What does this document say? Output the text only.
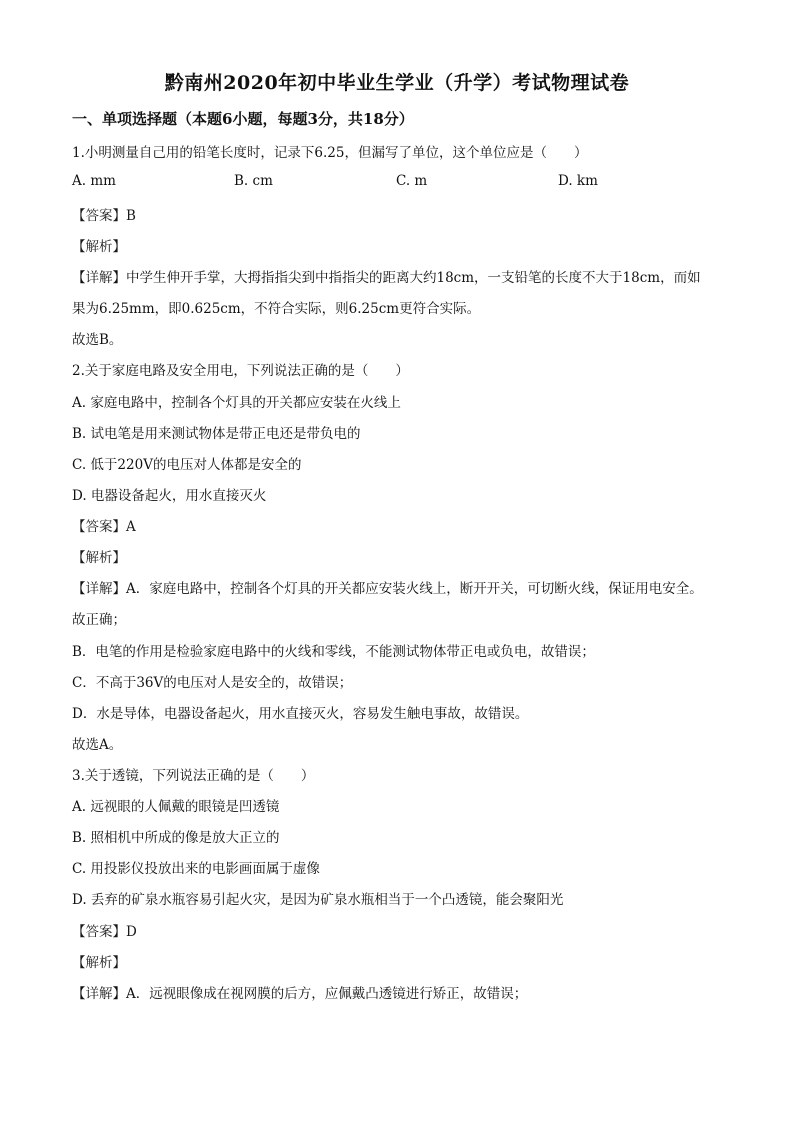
黔南州2020年初中毕业生学业（升学）考试物理试卷
一、单项选择题（本题6小题，每题3分，共18分）
1.小明测量自己用的铅笔长度时，记录下6.25，但漏写了单位，这个单位应是（　　）
A. mm	B. cm	C. m	D. km
【答案】B
【解析】
【详解】中学生伸开手掌，大拇指指尖到中指指尖的距离大约18cm，一支铅笔的长度不大于18cm，而如
果为6.25mm，即0.625cm，不符合实际，则6.25cm更符合实际。
故选B。
2.关于家庭电路及安全用电，下列说法正确的是（　　）
A. 家庭电路中，控制各个灯具的开关都应安装在火线上
B. 试电笔是用来测试物体是带正电还是带负电的
C. 低于220V的电压对人体都是安全的
D. 电器设备起火，用水直接灭火
【答案】A
【解析】
【详解】A．家庭电路中，控制各个灯具的开关都应安装火线上，断开开关，可切断火线，保证用电安全。
故正确；
B．电笔的作用是检验家庭电路中的火线和零线，不能测试物体带正电或负电，故错误；
C．不高于36V的电压对人是安全的，故错误；
D．水是导体，电器设备起火，用水直接灭火，容易发生触电事故，故错误。
故选A。
3.关于透镜，下列说法正确的是（　　）
A. 远视眼的人佩戴的眼镜是凹透镜
B. 照相机中所成的像是放大正立的
C. 用投影仪投放出来的电影画面属于虚像
D. 丢弃的矿泉水瓶容易引起火灾，是因为矿泉水瓶相当于一个凸透镜，能会聚阳光
【答案】D
【解析】
【详解】A．远视眼像成在视网膜的后方，应佩戴凸透镜进行矫正，故错误；
